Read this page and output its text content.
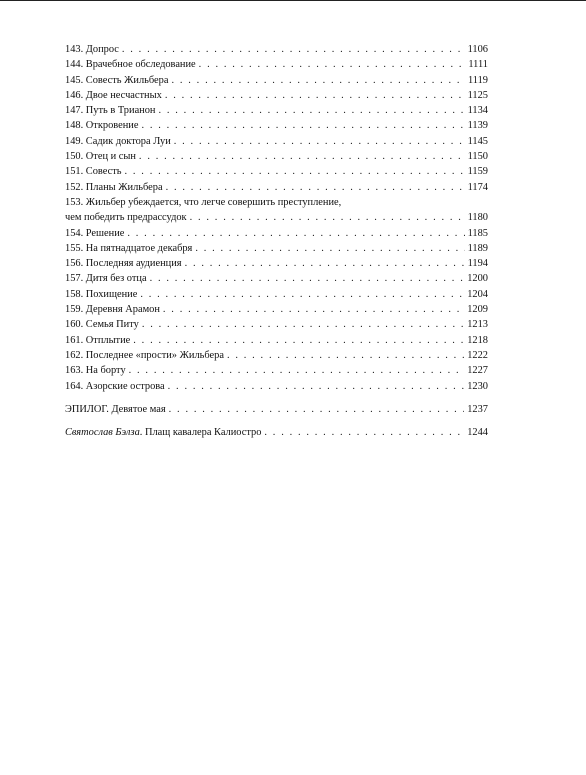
143. Допрос . . .	1106
144. Врачебное обследование . . .	1111
145. Совесть Жильбера . . .	1119
146. Двое несчастных . . .	1125
147. Путь в Трианон . . .	1134
148. Откровение . . .	1139
149. Садик доктора Луи . . .	1145
150. Отец и сын . . .	1150
151. Совесть . . .	1159
152. Планы Жильбера . . .	1174
153. Жильбер убеждается, что легче совершить преступление,
чем победить предрассудок . . .	1180
154. Решение . . .	1185
155. На пятнадцатое декабря . . .	1189
156. Последняя аудиенция . . .	1194
157. Дитя без отца . . .	1200
158. Похищение . . .	1204
159. Деревня Арамон . . .	1209
160. Семья Питу . . .	1213
161. Отплытие . . .	1218
162. Последнее «прости» Жильбера . . .	1222
163. На борту . . .	1227
164. Азорские острова . . .	1230
ЭПИЛОГ. Девятое мая . . .	1237
Святослав Бэлза. Плащ кавалера Калиостро . . .	1244
